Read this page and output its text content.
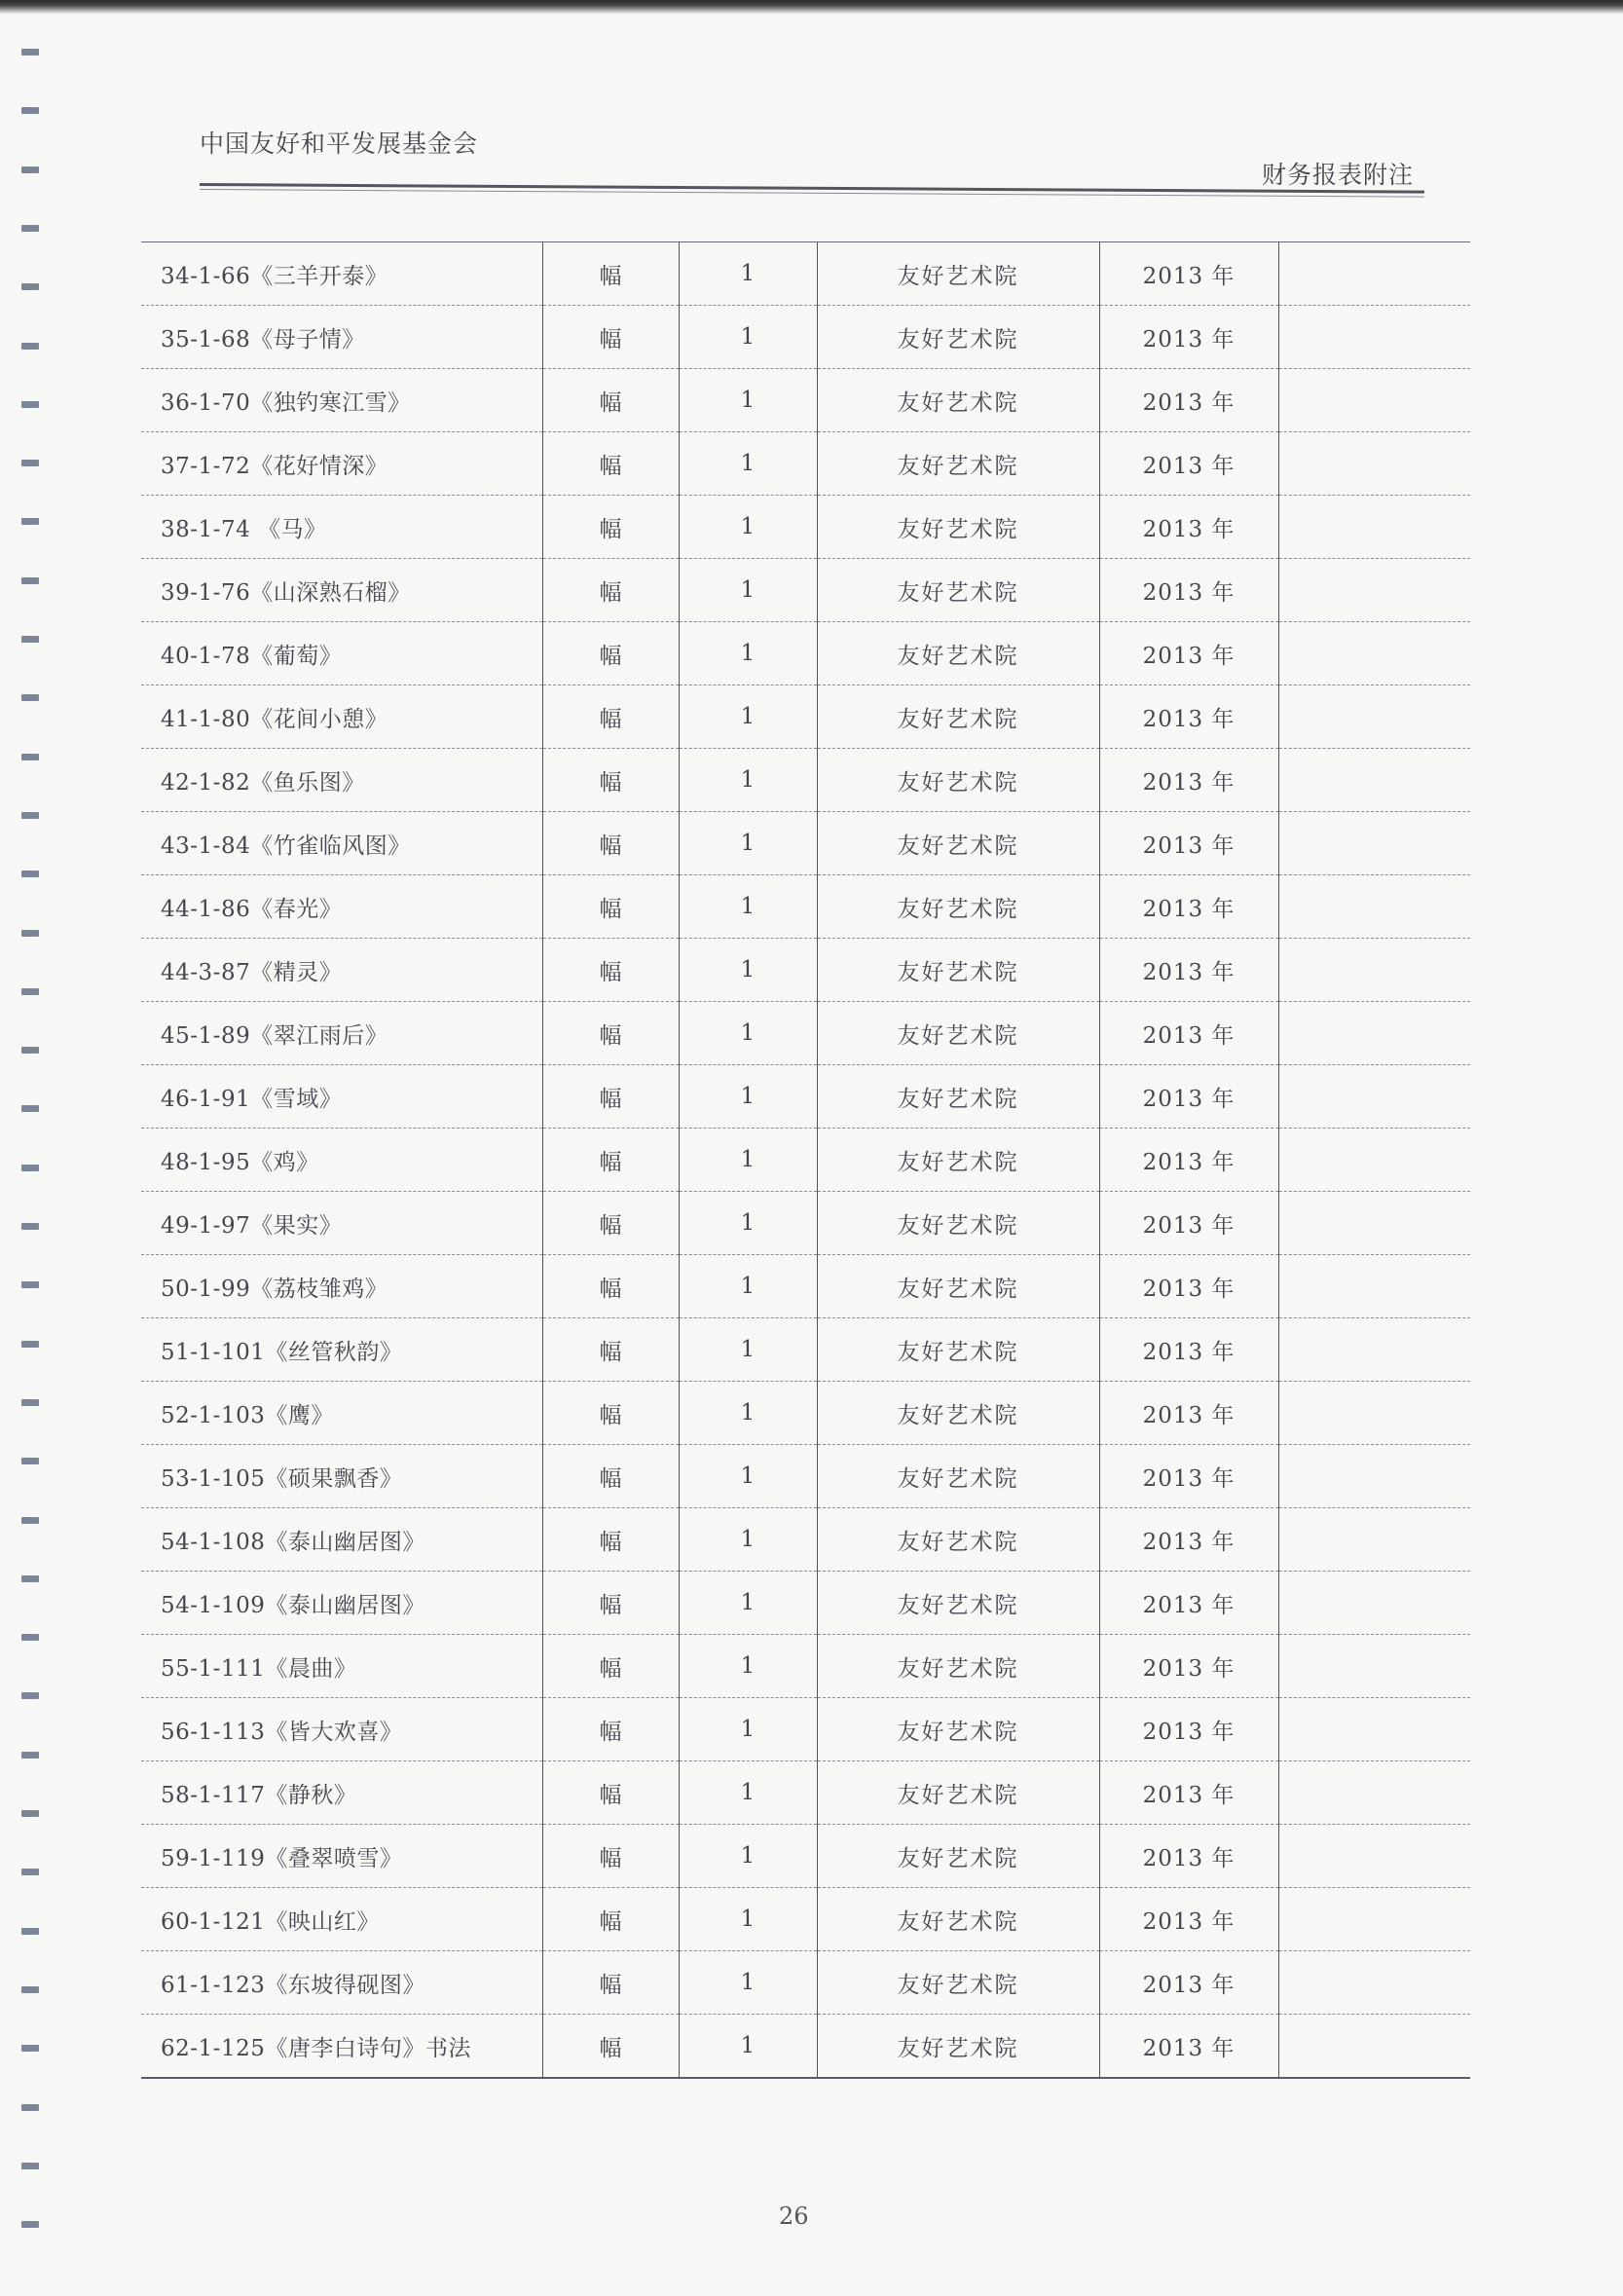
中国友好和平发展基金会
财务报表附注
34-1-66《三羊开泰》	幅	1	友好艺术院	2013 年	
35-1-68《母子情》	幅	1	友好艺术院	2013 年	
36-1-70《独钓寒江雪》	幅	1	友好艺术院	2013 年	
37-1-72《花好情深》	幅	1	友好艺术院	2013 年	
38-1-74 《马》	幅	1	友好艺术院	2013 年	
39-1-76《山深熟石榴》	幅	1	友好艺术院	2013 年	
40-1-78《葡萄》	幅	1	友好艺术院	2013 年	
41-1-80《花间小憩》	幅	1	友好艺术院	2013 年	
42-1-82《鱼乐图》	幅	1	友好艺术院	2013 年	
43-1-84《竹雀临风图》	幅	1	友好艺术院	2013 年	
44-1-86《春光》	幅	1	友好艺术院	2013 年	
44-3-87《精灵》	幅	1	友好艺术院	2013 年	
45-1-89《翠江雨后》	幅	1	友好艺术院	2013 年	
46-1-91《雪域》	幅	1	友好艺术院	2013 年	
48-1-95《鸡》	幅	1	友好艺术院	2013 年	
49-1-97《果实》	幅	1	友好艺术院	2013 年	
50-1-99《荔枝雏鸡》	幅	1	友好艺术院	2013 年	
51-1-101《丝管秋韵》	幅	1	友好艺术院	2013 年	
52-1-103《鹰》	幅	1	友好艺术院	2013 年	
53-1-105《硕果飘香》	幅	1	友好艺术院	2013 年	
54-1-108《泰山幽居图》	幅	1	友好艺术院	2013 年	
54-1-109《泰山幽居图》	幅	1	友好艺术院	2013 年	
55-1-111《晨曲》	幅	1	友好艺术院	2013 年	
56-1-113《皆大欢喜》	幅	1	友好艺术院	2013 年	
58-1-117《静秋》	幅	1	友好艺术院	2013 年	
59-1-119《叠翠喷雪》	幅	1	友好艺术院	2013 年	
60-1-121《映山红》	幅	1	友好艺术院	2013 年	
61-1-123《东坡得砚图》	幅	1	友好艺术院	2013 年	
62-1-125《唐李白诗句》书法	幅	1	友好艺术院	2013 年	
26
